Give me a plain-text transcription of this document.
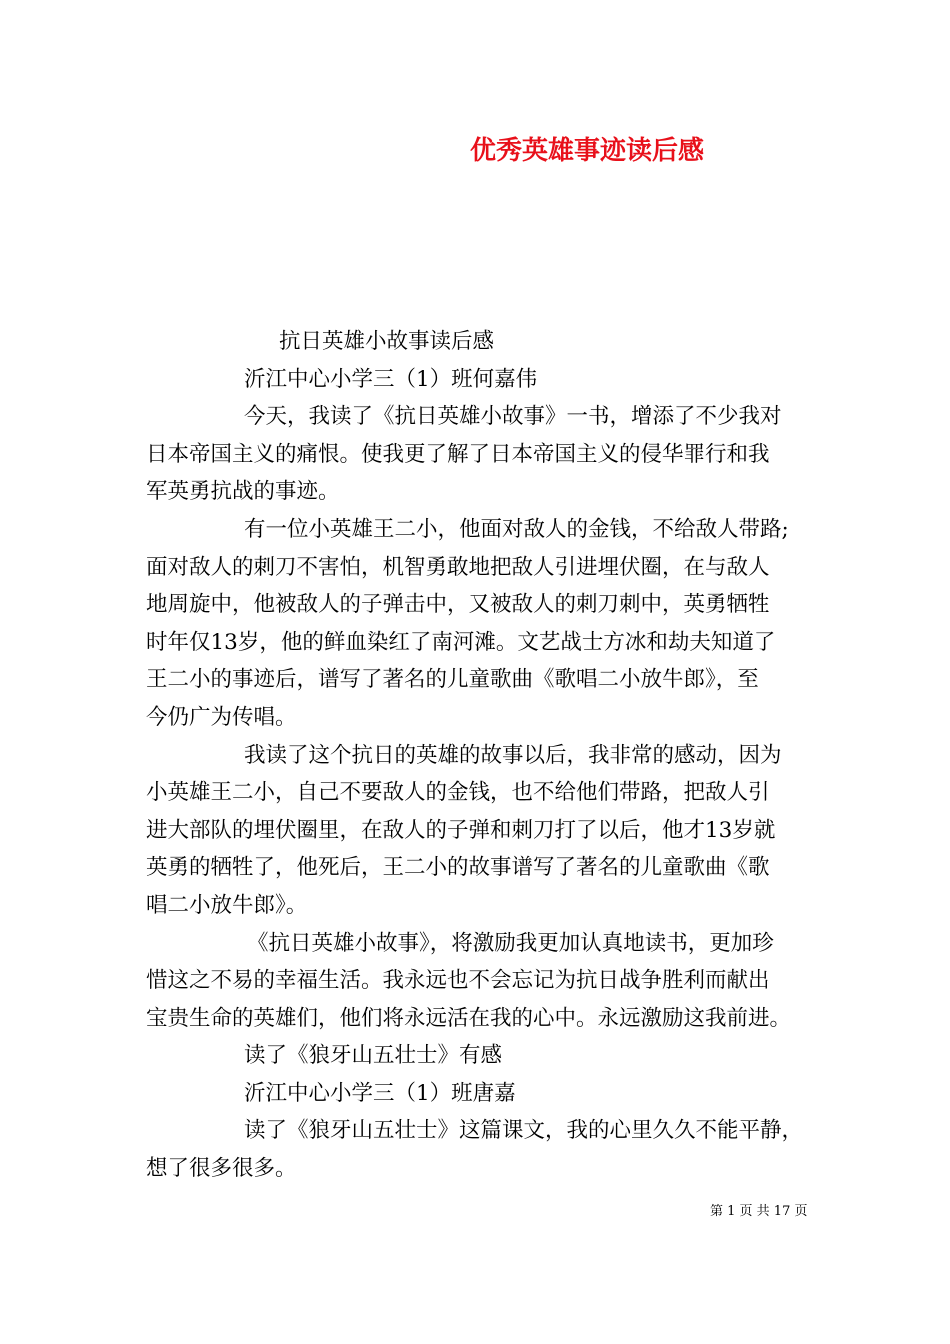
优秀英雄事迹读后感
抗日英雄小故事读后感
沂江中心小学三（1）班何嘉伟
今天，我读了《抗日英雄小故事》一书，增添了不少我对
日本帝国主义的痛恨。使我更了解了日本帝国主义的侵华罪行和我
军英勇抗战的事迹。
有一位小英雄王二小，他面对敌人的金钱，不给敌人带路;
面对敌人的刺刀不害怕，机智勇敢地把敌人引进埋伏圈，在与敌人
地周旋中，他被敌人的子弹击中，又被敌人的刺刀刺中，英勇牺牲
时年仅13岁，他的鲜血染红了南河滩。文艺战士方冰和劫夫知道了
王二小的事迹后，谱写了著名的儿童歌曲《歌唱二小放牛郎》，至
今仍广为传唱。
我读了这个抗日的英雄的故事以后，我非常的感动，因为
小英雄王二小，自己不要敌人的金钱，也不给他们带路，把敌人引
进大部队的埋伏圈里，在敌人的子弹和刺刀打了以后，他才13岁就
英勇的牺牲了，他死后，王二小的故事谱写了著名的儿童歌曲《歌
唱二小放牛郎》。
《抗日英雄小故事》，将激励我更加认真地读书，更加珍
惜这之不易的幸福生活。我永远也不会忘记为抗日战争胜利而献出
宝贵生命的英雄们，他们将永远活在我的心中。永远激励这我前进。
读了《狼牙山五壮士》有感
沂江中心小学三（1）班唐嘉
读了《狼牙山五壮士》这篇课文，我的心里久久不能平静，
想了很多很多。
第 1 页 共 17 页
